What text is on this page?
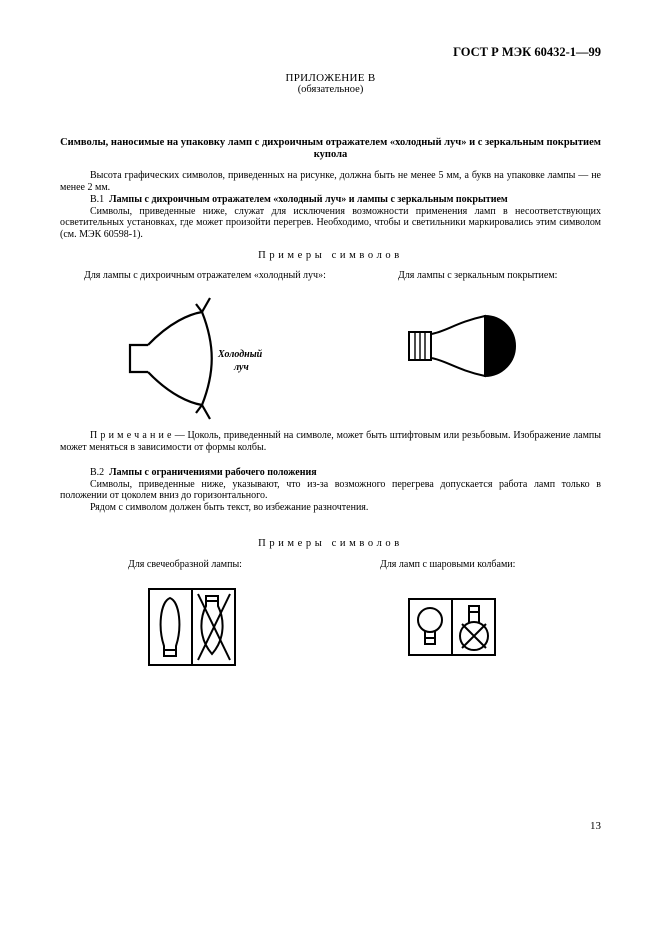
ГОСТ Р МЭК 60432-1—99
ПРИЛОЖЕНИЕ В
(обязательное)
Символы, наносимые на упаковку ламп с дихроичным отражателем «холодный луч» и с зеркальным покрытием купола
Высота графических символов, приведенных на рисунке, должна быть не менее 5 мм, а букв на упаковке лампы — не менее 2 мм.
В.1 Лампы с дихроичным отражателем «холодный луч» и лампы с зеркальным покрытием
Символы, приведенные ниже, служат для исключения возможности применения ламп в несоответствующих осветительных установках, где может произойти перегрев. Необходимо, чтобы и светильники маркировались этим символом (см. МЭК 60598-1).
Примеры символов
Для лампы с дихроичным отражателем «холодный луч»:	Для лампы с зеркальным покрытием:
Холодный
луч
Примечание— Цоколь, приведенный на символе, может быть штифтовым или резьбовым. Изображение лампы может меняться в зависимости от формы колбы.
В.2 Лампы с ограничениями рабочего положения
Символы, приведенные ниже, указывают, что из-за возможного перегрева допускается работа ламп только в положении от цоколем вниз до горизонтального.
Рядом с символом должен быть текст, во избежание разночтения.
Примеры символов
Для свечеобразной лампы:	Для ламп с шаровыми колбами:
13
